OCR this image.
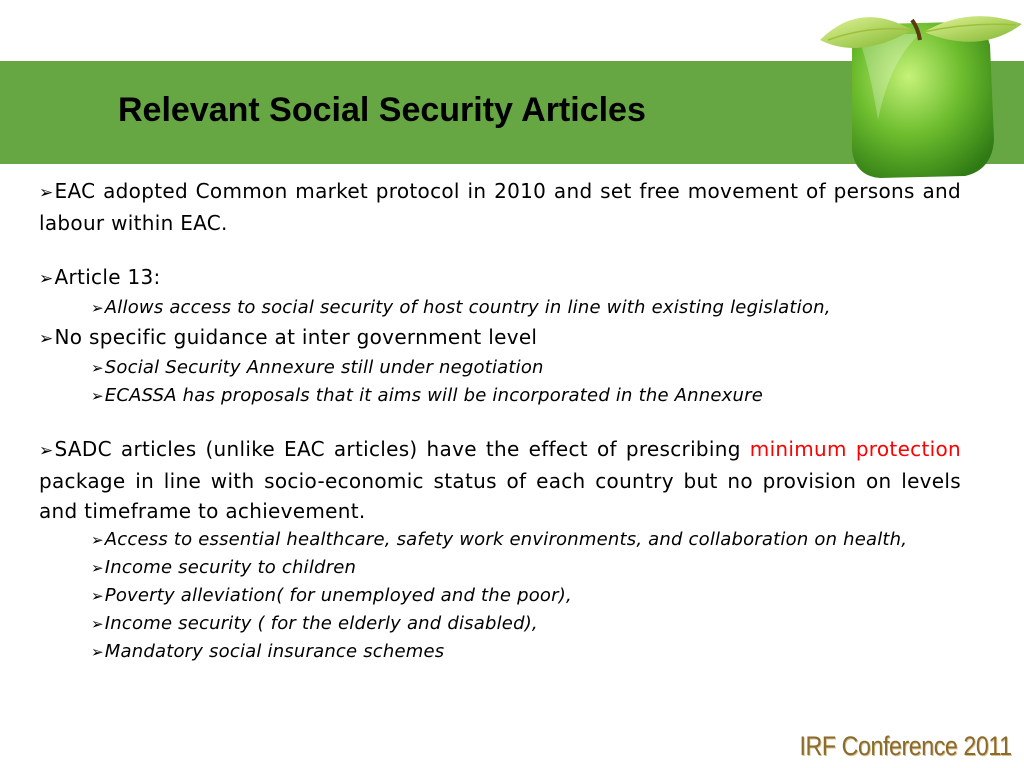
Relevant Social Security Articles

➢EAC adopted Common market protocol in 2010 and set free movement of persons and labour within EAC.

➢Article 13:

➢Allows access to social security of host country in line with existing legislation,

➢No specific guidance at inter government level

➢Social Security Annexure still under negotiation

➢ECASSA has proposals that it aims will be incorporated in the Annexure

➢SADC articles (unlike EAC articles) have the effect of prescribing minimum protection package in line with socio-economic status of each country but no provision on levels and timeframe to achievement.

➢Access to essential healthcare, safety work environments, and collaboration on health,

➢Income security to children

➢Poverty alleviation( for unemployed and the poor),

➢Income security ( for the elderly and disabled),

➢Mandatory social insurance schemes

IRF Conference 2011
